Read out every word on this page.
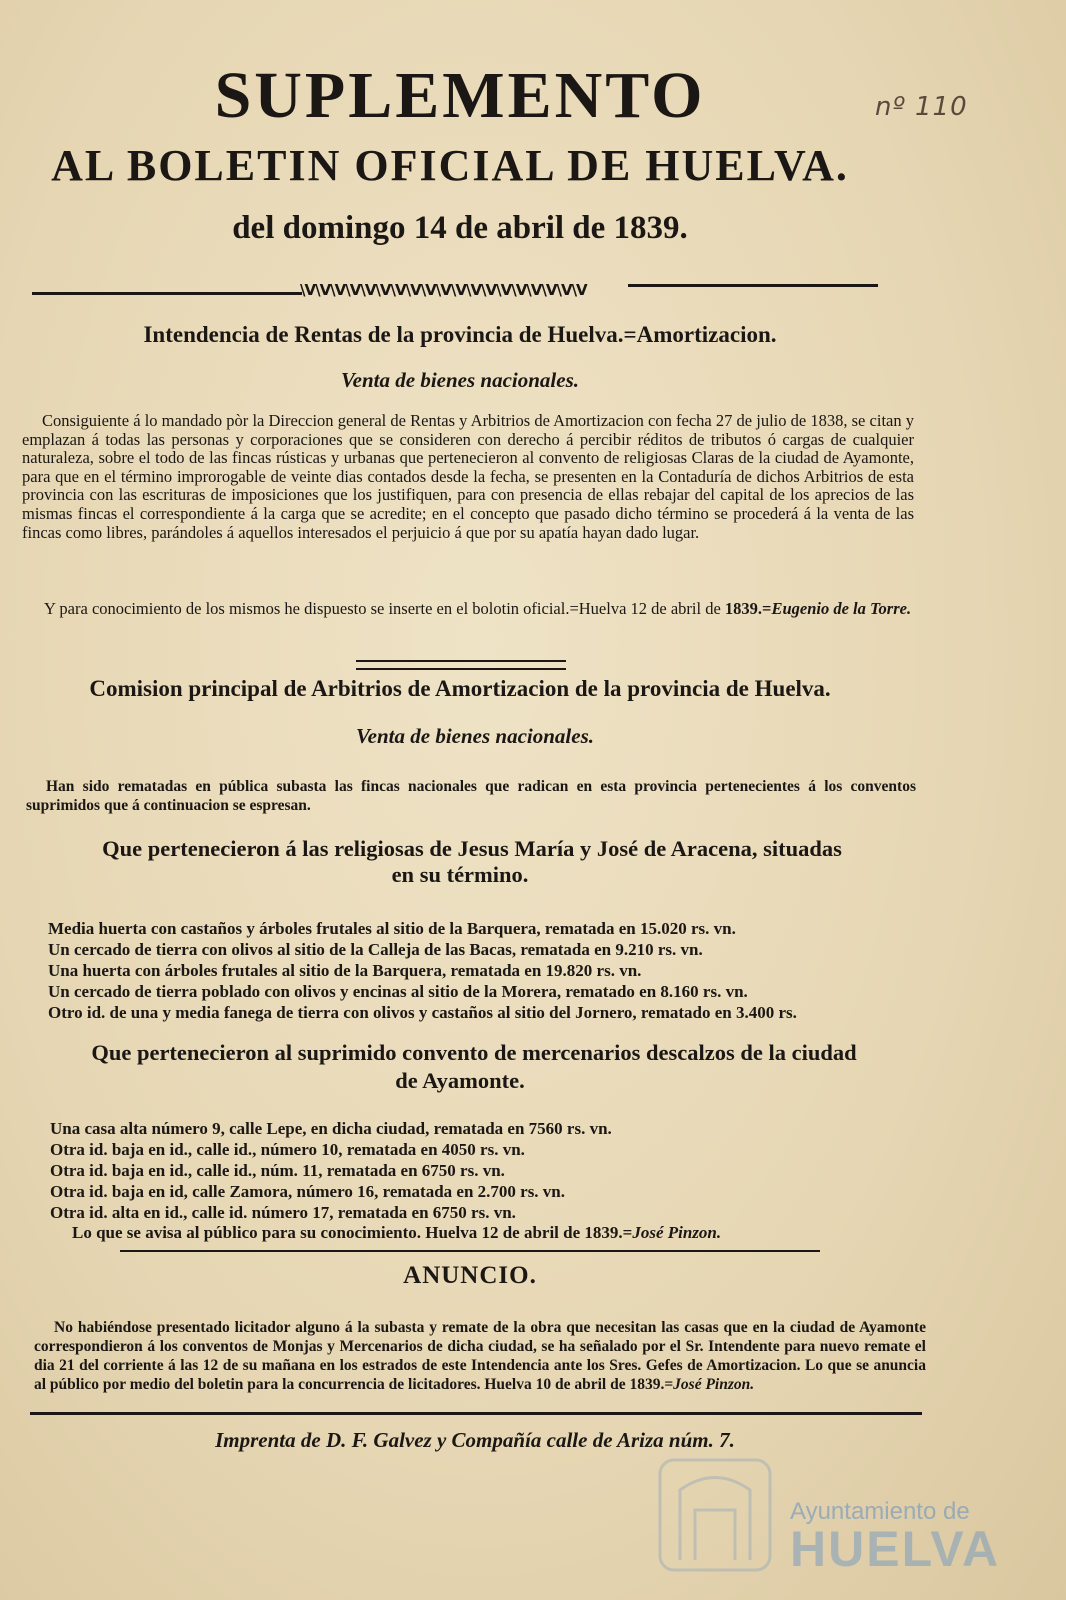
SUPLEMENTO
AL BOLETIN OFICIAL DE HUELVA.
del domingo 14 de abril de 1839.
nº 110
\V\V\V\V\V\V\V\V\V\V\V\V\V\V\V\V\V\V\V
Intendencia de Rentas de la provincia de Huelva.=Amortizacion.
Venta de bienes nacionales.
Consiguiente á lo mandado pòr la Direccion general de Rentas y Arbitrios de Amortizacion con fecha 27 de julio de 1838, se citan y emplazan á todas las personas y corporaciones que se consideren con derecho á percibir réditos de tributos ó cargas de cualquier naturaleza, sobre el todo de las fincas rústicas y urbanas que pertenecieron al convento de religiosas Claras de la ciudad de Ayamonte, para que en el término improrogable de veinte dias contados desde la fecha, se presenten en la Contaduría de dichos Arbitrios de esta provincia con las escrituras de imposiciones que los justifiquen, para con presencia de ellas rebajar del capital de los aprecios de las mismas fincas el correspondiente á la carga que se acredite; en el concepto que pasado dicho término se procederá á la venta de las fincas como libres, parándoles á aquellos interesados el perjuicio á que por su apatía hayan dado lugar.
Y para conocimiento de los mismos he dispuesto se inserte en el bolotin oficial.=Huelva 12 de abril de 1839.=Eugenio de la Torre.
Comision principal de Arbitrios de Amortizacion de la provincia de Huelva.
Venta de bienes nacionales.
Han sido rematadas en pública subasta las fincas nacionales que radican en esta provincia pertenecientes á los conventos suprimidos que á continuacion se espresan.
Que pertenecieron á las religiosas de Jesus María y José de Aracena, situadas
en su término.
Media huerta con castaños y árboles frutales al sitio de la Barquera, rematada en 15.020 rs. vn.
Un cercado de tierra con olivos al sitio de la Calleja de las Bacas, rematada en 9.210 rs. vn.
Una huerta con árboles frutales al sitio de la Barquera, rematada en 19.820 rs. vn.
Un cercado de tierra poblado con olivos y encinas al sitio de la Morera, rematado en 8.160 rs. vn.
Otro id. de una y media fanega de tierra con olivos y castaños al sitio del Jornero, rematado en 3.400 rs.
Que pertenecieron al suprimido convento de mercenarios descalzos de la ciudad
de Ayamonte.
Una casa alta número 9, calle Lepe, en dicha ciudad, rematada en 7560 rs. vn.
Otra id. baja en id., calle id., número 10, rematada en 4050 rs. vn.
Otra id. baja en id., calle id., núm. 11, rematada en 6750 rs. vn.
Otra id. baja en id, calle Zamora, número 16, rematada en 2.700 rs. vn.
Otra id. alta en id., calle id. número 17, rematada en 6750 rs. vn.
Lo que se avisa al público para su conocimiento. Huelva 12 de abril de 1839.=José Pinzon.
ANUNCIO.
No habiéndose presentado licitador alguno á la subasta y remate de la obra que necesitan las casas que en la ciudad de Ayamonte correspondieron á los conventos de Monjas y Mercenarios de dicha ciudad, se ha señalado por el Sr. Intendente para nuevo remate el dia 21 del corriente á las 12 de su mañana en los estrados de este Intendencia ante los Sres. Gefes de Amortizacion. Lo que se anuncia al público por medio del boletin para la concurrencia de licitadores. Huelva 10 de abril de 1839.=José Pinzon.
Imprenta de D. F. Galvez y Compañía calle de Ariza núm. 7.
Ayuntamiento de
HUELVA
